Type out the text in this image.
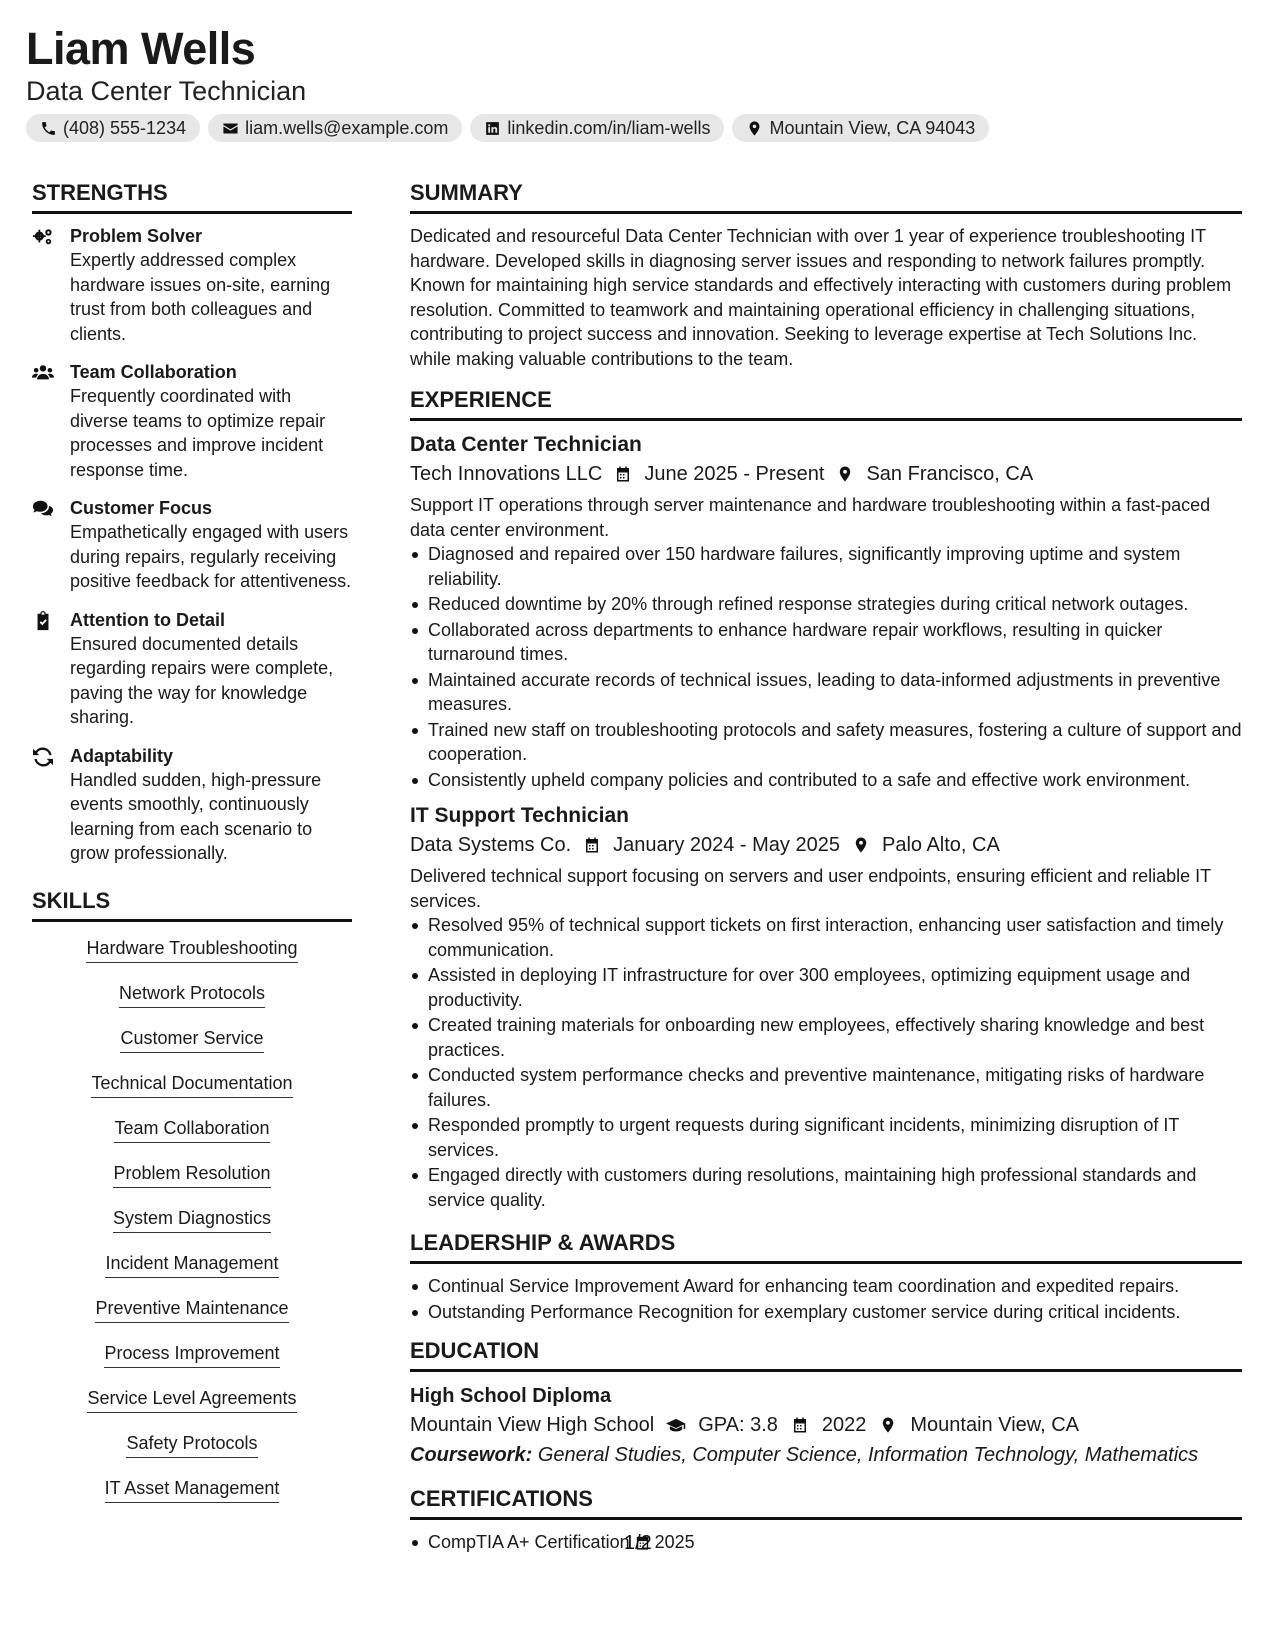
Liam Wells
Data Center Technician
(408) 555-1234	liam.wells@example.com	linkedin.com/in/liam-wells	Mountain View, CA 94043
STRENGTHS
Problem Solver
Expertly addressed complex hardware issues on-site, earning trust from both colleagues and clients.
Team Collaboration
Frequently coordinated with diverse teams to optimize repair processes and improve incident response time.
Customer Focus
Empathetically engaged with users during repairs, regularly receiving positive feedback for attentiveness.
Attention to Detail
Ensured documented details regarding repairs were complete, paving the way for knowledge sharing.
Adaptability
Handled sudden, high-pressure events smoothly, continuously learning from each scenario to grow professionally.
SKILLS
Hardware Troubleshooting
Network Protocols
Customer Service
Technical Documentation
Team Collaboration
Problem Resolution
System Diagnostics
Incident Management
Preventive Maintenance
Process Improvement
Service Level Agreements
Safety Protocols
IT Asset Management
SUMMARY
Dedicated and resourceful Data Center Technician with over 1 year of experience troubleshooting IT hardware. Developed skills in diagnosing server issues and responding to network failures promptly. Known for maintaining high service standards and effectively interacting with customers during problem resolution. Committed to teamwork and maintaining operational efficiency in challenging situations, contributing to project success and innovation. Seeking to leverage expertise at Tech Solutions Inc. while making valuable contributions to the team.
EXPERIENCE
Data Center Technician
Tech Innovations LLC June 2025 - Present San Francisco, CA
Support IT operations through server maintenance and hardware troubleshooting within a fast-paced data center environment.
Diagnosed and repaired over 150 hardware failures, significantly improving uptime and system reliability.
Reduced downtime by 20% through refined response strategies during critical network outages.
Collaborated across departments to enhance hardware repair workflows, resulting in quicker turnaround times.
Maintained accurate records of technical issues, leading to data-informed adjustments in preventive measures.
Trained new staff on troubleshooting protocols and safety measures, fostering a culture of support and cooperation.
Consistently upheld company policies and contributed to a safe and effective work environment.
IT Support Technician
Data Systems Co. January 2024 - May 2025 Palo Alto, CA
Delivered technical support focusing on servers and user endpoints, ensuring efficient and reliable IT services.
Resolved 95% of technical support tickets on first interaction, enhancing user satisfaction and timely communication.
Assisted in deploying IT infrastructure for over 300 employees, optimizing equipment usage and productivity.
Created training materials for onboarding new employees, effectively sharing knowledge and best practices.
Conducted system performance checks and preventive maintenance, mitigating risks of hardware failures.
Responded promptly to urgent requests during significant incidents, minimizing disruption of IT services.
Engaged directly with customers during resolutions, maintaining high professional standards and service quality.
LEADERSHIP & AWARDS
Continual Service Improvement Award for enhancing team coordination and expedited repairs.
Outstanding Performance Recognition for exemplary customer service during critical incidents.
EDUCATION
High School Diploma
Mountain View High School GPA: 3.8 2022 Mountain View, CA
Coursework: General Studies, Computer Science, Information Technology, Mathematics
CERTIFICATIONS
CompTIA A+ Certification 2025
1/2
